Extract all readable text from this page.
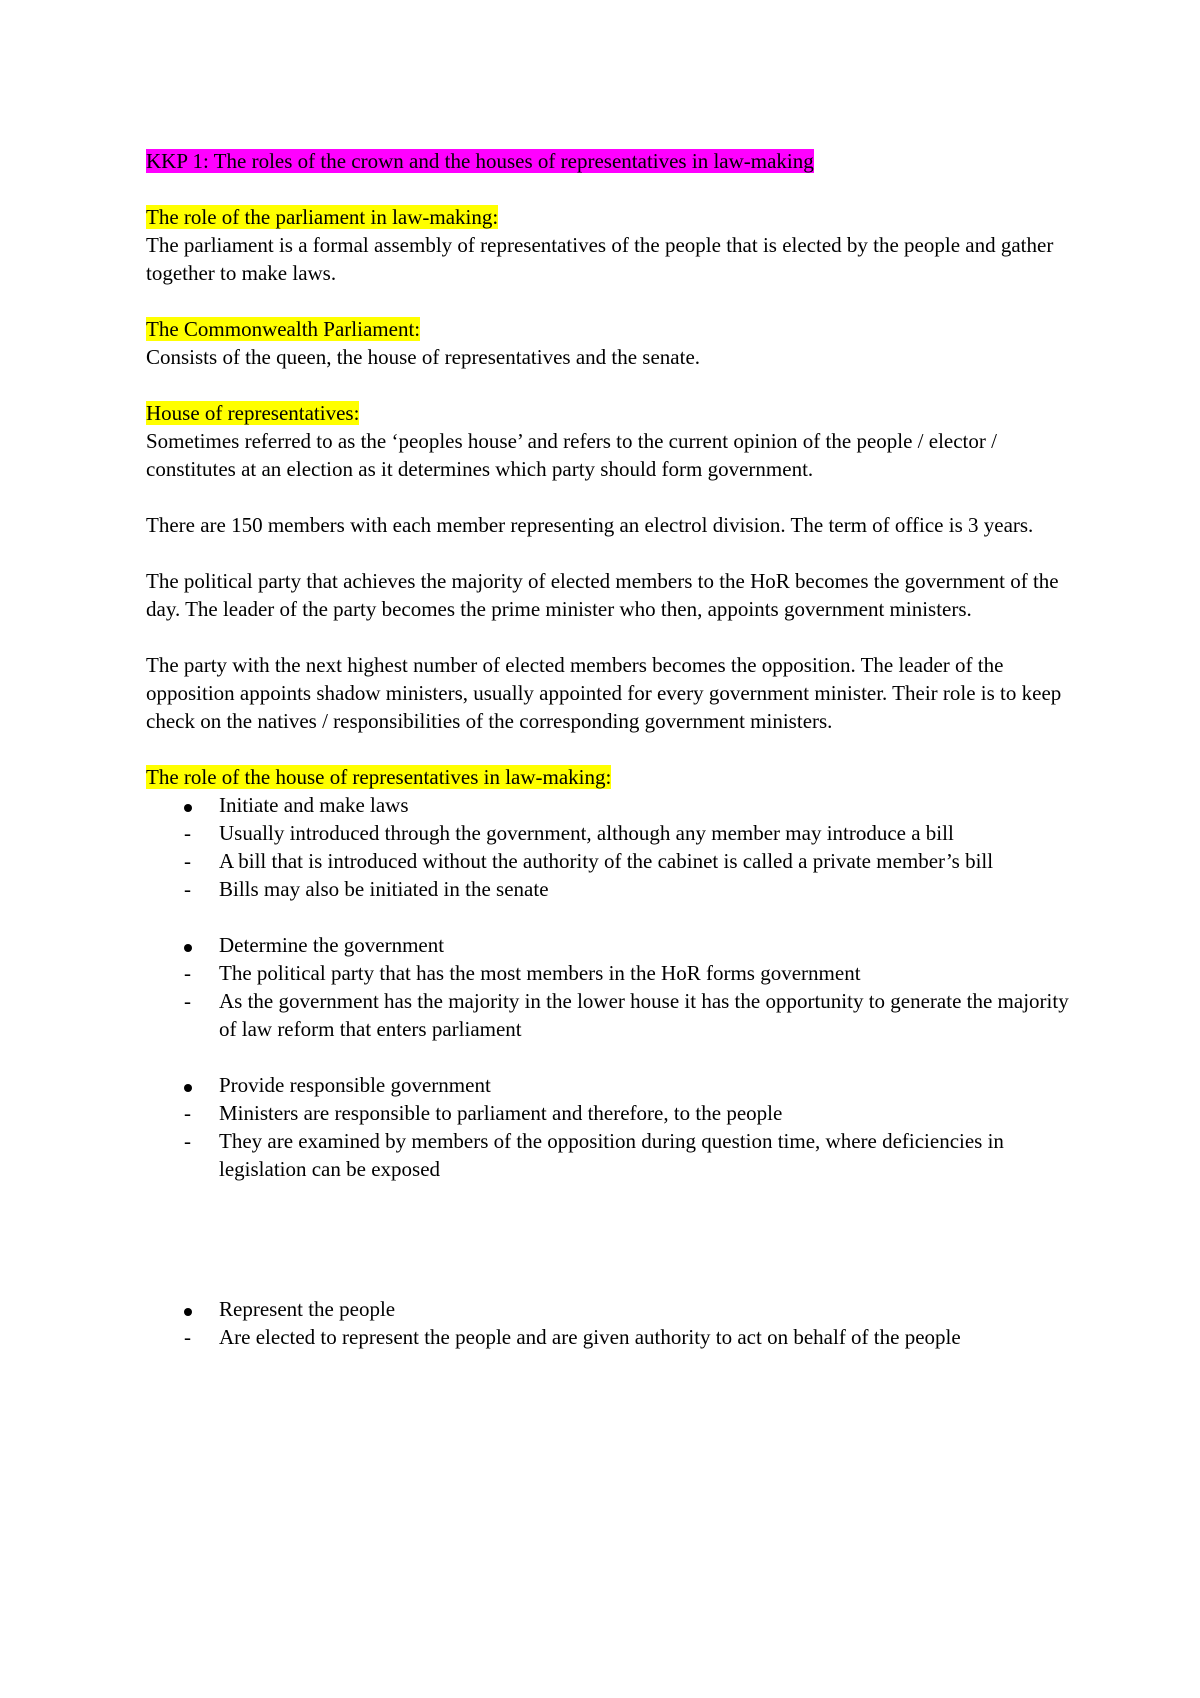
KKP 1: The roles of the crown and the houses of representatives in law-making

The role of the parliament in law-making:

The parliament is a formal assembly of representatives of the people that is elected by the people and gather together to make laws.

The Commonwealth Parliament:

Consists of the queen, the house of representatives and the senate.

House of representatives:

Sometimes referred to as the ‘peoples house’ and refers to the current opinion of the people / elector / constitutes at an election as it determines which party should form government.

There are 150 members with each member representing an electrol division. The term of office is 3 years.

The political party that achieves the majority of elected members to the HoR becomes the government of the day. The leader of the party becomes the prime minister who then, appoints government ministers.

The party with the next highest number of elected members becomes the opposition. The leader of the opposition appoints shadow ministers, usually appointed for every government minister. Their role is to keep check on the natives / responsibilities of the corresponding government ministers.

The role of the house of representatives in law-making:

Initiate and make laws
-	Usually introduced through the government, although any member may introduce a bill
-	A bill that is introduced without the authority of the cabinet is called a private member’s bill
-	Bills may also be initiated in the senate
Determine the government
-	The political party that has the most members in the HoR forms government
-	As the government has the majority in the lower house it has the opportunity to generate the majority of law reform that enters parliament
Provide responsible government
-	Ministers are responsible to parliament and therefore, to the people
-	They are examined by members of the opposition during question time, where deficiencies in legislation can be exposed
Represent the people
-	Are elected to represent the people and are given authority to act on behalf of the people
